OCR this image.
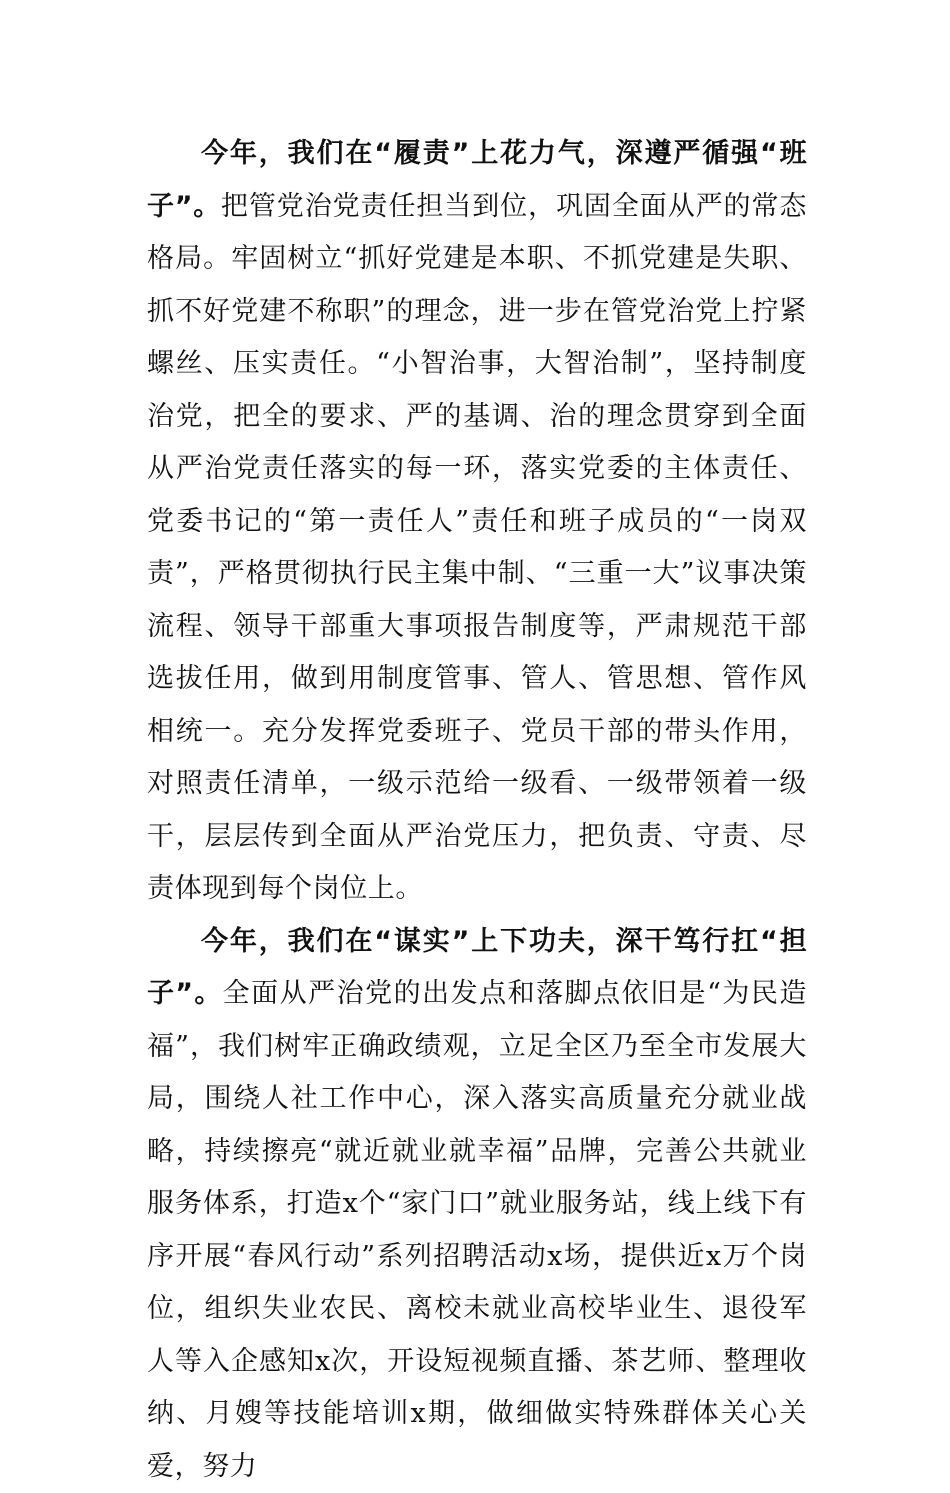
今年，我们在“履责”上花力气，深遵严循强“班子”。把管党治党责任担当到位，巩固全面从严的常态格局。牢固树立“抓好党建是本职、不抓党建是失职、抓不好党建不称职”的理念，进一步在管党治党上拧紧螺丝、压实责任。“小智治事，大智治制”，坚持制度治党，把全的要求、严的基调、治的理念贯穿到全面从严治党责任落实的每一环，落实党委的主体责任、党委书记的“第一责任人”责任和班子成员的“一岗双责”，严格贯彻执行民主集中制、“三重一大”议事决策流程、领导干部重大事项报告制度等，严肃规范干部选拔任用，做到用制度管事、管人、管思想、管作风相统一。充分发挥党委班子、党员干部的带头作用，对照责任清单，一级示范给一级看、一级带领着一级干，层层传到全面从严治党压力，把负责、守责、尽责体现到每个岗位上。

今年，我们在“谋实”上下功夫，深干笃行扛“担子”。全面从严治党的出发点和落脚点依旧是“为民造福”，我们树牢正确政绩观，立足全区乃至全市发展大局，围绕人社工作中心，深入落实高质量充分就业战略，持续擦亮“就近就业就幸福”品牌，完善公共就业服务体系，打造x个“家门口”就业服务站，线上线下有序开展“春风行动”系列招聘活动x场，提供近x万个岗位，组织失业农民、离校未就业高校毕业生、退役军人等入企感知x次，开设短视频直播、茶艺师、整理收纳、月嫂等技能培训x期，做细做实特殊群体关心关爱，努力
